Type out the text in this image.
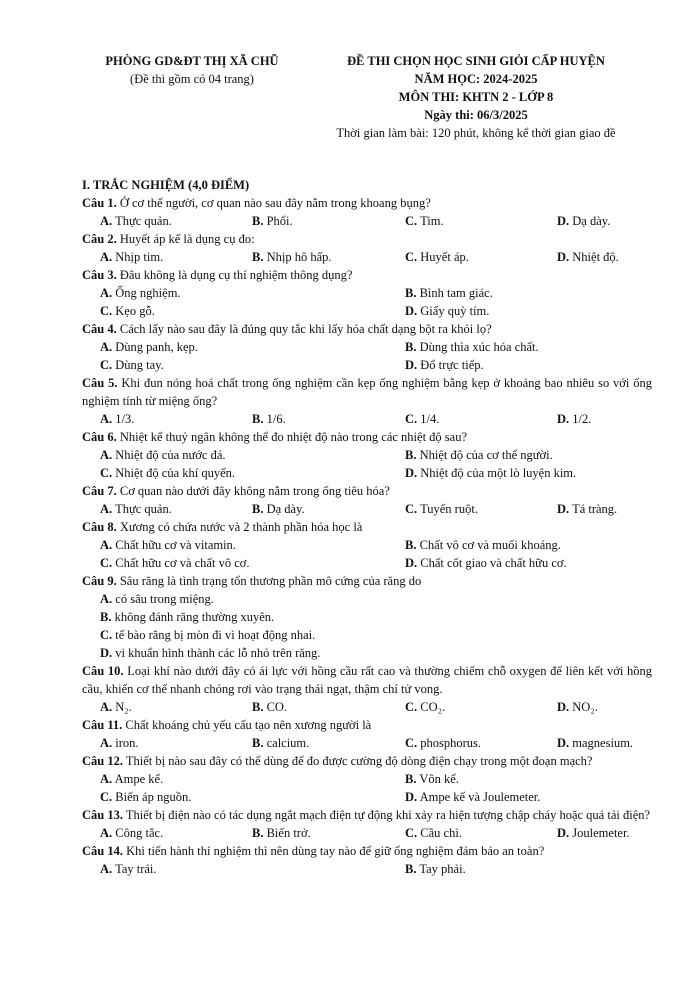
PHÒNG GD&ĐT THỊ XÃ CHŨ
(Đề thi gồm có 04 trang)
ĐỀ THI CHỌN HỌC SINH GIỎI CẤP HUYỆN
NĂM HỌC: 2024-2025
MÔN THI: KHTN 2 - LỚP 8
Ngày thi: 06/3/2025
Thời gian làm bài: 120 phút, không kể thời gian giao đề
I. TRẮC NGHIỆM (4,0 ĐIỂM)
Câu 1. Ở cơ thể người, cơ quan nào sau đây nằm trong khoang bụng?
A. Thực quản.	B. Phổi.	C. Tim.	D. Dạ dày.
Câu 2. Huyết áp kế là dụng cụ đo:
A. Nhịp tim.	B. Nhịp hô hấp.	C. Huyết áp.	D. Nhiệt độ.
Câu 3. Đâu không là dụng cụ thí nghiệm thông dụng?
A. Ống nghiệm.	B. Bình tam giác.
C. Kẹo gỗ.	D. Giấy quỳ tím.
Câu 4. Cách lấy nào sau đây là đúng quy tắc khi lấy hóa chất dạng bột ra khỏi lọ?
A. Dùng panh, kẹp.	B. Dùng thìa xúc hóa chất.
C. Dùng tay.	D. Đổ trực tiếp.
Câu 5. Khi đun nóng hoá chất trong ống nghiệm cần kẹp ống nghiệm bằng kẹp ở khoảng bao nhiêu so với ống nghiệm tính từ miệng ống?
A. 1/3.	B. 1/6.	C. 1/4.	D. 1/2.
Câu 6. Nhiệt kế thuỷ ngân không thể đo nhiệt độ nào trong các nhiệt độ sau?
A. Nhiệt độ của nước đá.	B. Nhiệt độ của cơ thể người.
C. Nhiệt độ của khí quyển.	D. Nhiệt độ của một lò luyện kim.
Câu 7. Cơ quan nào dưới đây không nằm trong ống tiêu hóa?
A. Thực quản.	B. Dạ dày.	C. Tuyến ruột.	D. Tá tràng.
Câu 8. Xương có chứa nước và 2 thành phần hóa học là
A. Chất hữu cơ và vitamin.	B. Chất vô cơ và muối khoáng.
C. Chất hữu cơ và chất vô cơ.	D. Chất cốt giao và chất hữu cơ.
Câu 9. Sâu răng là tình trạng tổn thương phần mô cứng của răng do
A. có sâu trong miệng.
B. không đánh răng thường xuyên.
C. tế bào răng bị mòn đi vì hoạt động nhai.
D. vi khuẩn hình thành các lỗ nhỏ trên răng.
Câu 10. Loại khí nào dưới đây có ái lực với hồng cầu rất cao và thường chiếm chỗ oxygen để liên kết với hồng cầu, khiến cơ thể nhanh chóng rơi vào trạng thái ngạt, thậm chí tử vong.
A. N₂.	B. CO.	C. CO₂.	D. NO₂.
Câu 11. Chất khoáng chủ yếu cấu tạo nên xương người là
A. iron.	B. calcium.	C. phosphorus.	D. magnesium.
Câu 12. Thiết bị nào sau đây có thể dùng để đo được cường độ dòng điện chạy trong một đoạn mạch?
A. Ampe kế.	B. Vôn kế.
C. Biến áp nguồn.	D. Ampe kế và Joulemeter.
Câu 13. Thiết bị điện nào có tác dụng ngắt mạch điện tự động khi xảy ra hiện tượng chập cháy hoặc quá tải điện?
A. Công tắc.	B. Biến trở.	C. Cầu chì.	D. Joulemeter.
Câu 14. Khi tiến hành thí nghiệm thì nên dùng tay nào để giữ ống nghiệm đảm bảo an toàn?
A. Tay trái.	B. Tay phải.
